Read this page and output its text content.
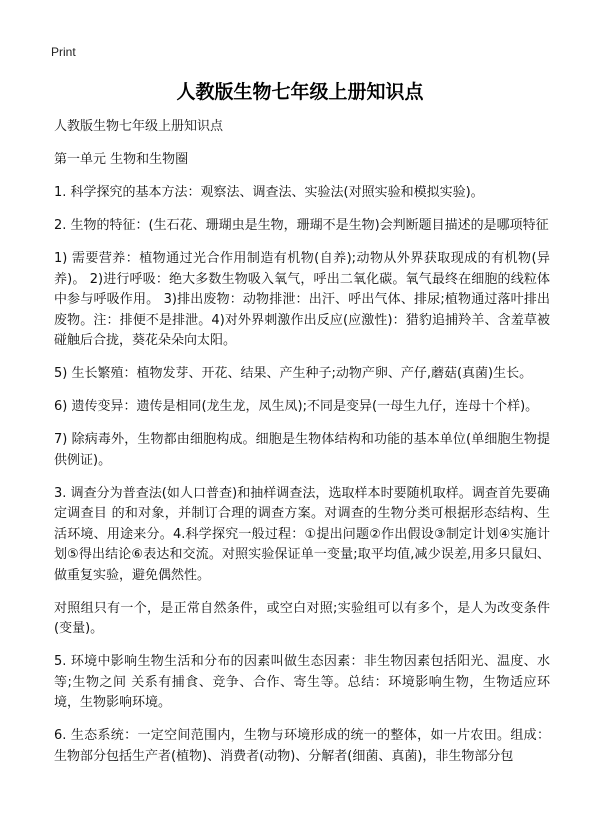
Print
人教版生物七年级上册知识点

人教版生物七年级上册知识点

第一单元 生物和生物圈

1. 科学探究的基本方法：观察法、调查法、实验法(对照实验和模拟实验)。

2. 生物的特征：(生石花、珊瑚虫是生物，珊瑚不是生物)会判断题目描述的是哪项特征

1) 需要营养：植物通过光合作用制造有机物(自养);动物从外界获取现成的有机物(异养)。 2)进行呼吸：绝大多数生物吸入氧气，呼出二氧化碳。氧气最终在细胞的线粒体中参与呼吸作用。 3)排出废物：动物排泄：出汗、呼出气体、排尿;植物通过落叶排出废物。注：排便不是排泄。4)对外界刺激作出反应(应激性)：猎豹追捕羚羊、含羞草被碰触后合拢，葵花朵朵向太阳。

5) 生长繁殖：植物发芽、开花、结果、产生种子;动物产卵、产仔,蘑菇(真菌)生长。

6) 遗传变异：遗传是相同(龙生龙，凤生凤);不同是变异(一母生九仔，连母十个样)。

7) 除病毒外，生物都由细胞构成。细胞是生物体结构和功能的基本单位(单细胞生物提供例证)。

3. 调查分为普查法(如人口普查)和抽样调查法，选取样本时要随机取样。调查首先要确定调查目 的和对象，并制订合理的调查方案。对调查的生物分类可根据形态结构、生活环境、用途来分。4.科学探究一般过程：①提出问题②作出假设③制定计划④实施计划⑤得出结论⑥表达和交流。对照实验保证单一变量;取平均值,减少误差,用多只鼠妇、做重复实验，避免偶然性。

对照组只有一个，是正常自然条件，或空白对照;实验组可以有多个，是人为改变条件(变量)。

5. 环境中影响生物生活和分布的因素叫做生态因素：非生物因素包括阳光、温度、水等;生物之间 关系有捕食、竞争、合作、寄生等。总结：环境影响生物，生物适应环境，生物影响环境。

6. 生态系统：一定空间范围内，生物与环境形成的统一的整体，如一片农田。组成：生物部分包括生产者(植物)、消费者(动物)、分解者(细菌、真菌)，非生物部分包
